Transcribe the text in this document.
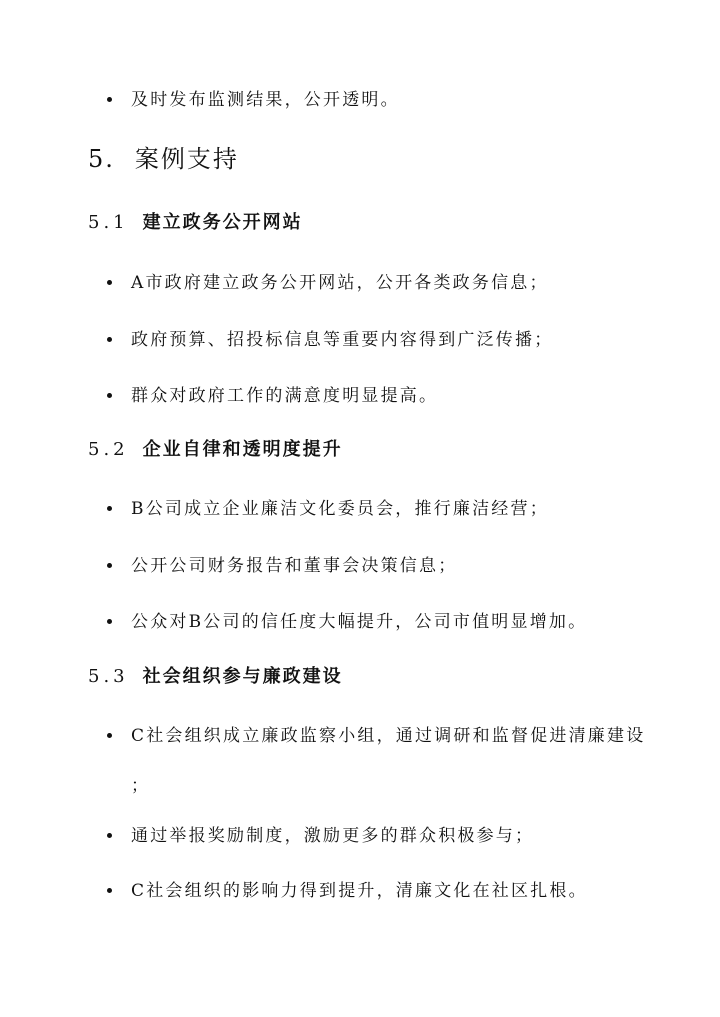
及时发布监测结果，公开透明。
5. 案例支持
5.1 建立政务公开网站
A市政府建立政务公开网站，公开各类政务信息；
政府预算、招投标信息等重要内容得到广泛传播；
群众对政府工作的满意度明显提高。
5.2 企业自律和透明度提升
B公司成立企业廉洁文化委员会，推行廉洁经营；
公开公司财务报告和董事会决策信息；
公众对B公司的信任度大幅提升，公司市值明显增加。
5.3 社会组织参与廉政建设
C社会组织成立廉政监察小组，通过调研和监督促进清廉建设
；
通过举报奖励制度，激励更多的群众积极参与；
C社会组织的影响力得到提升，清廉文化在社区扎根。
